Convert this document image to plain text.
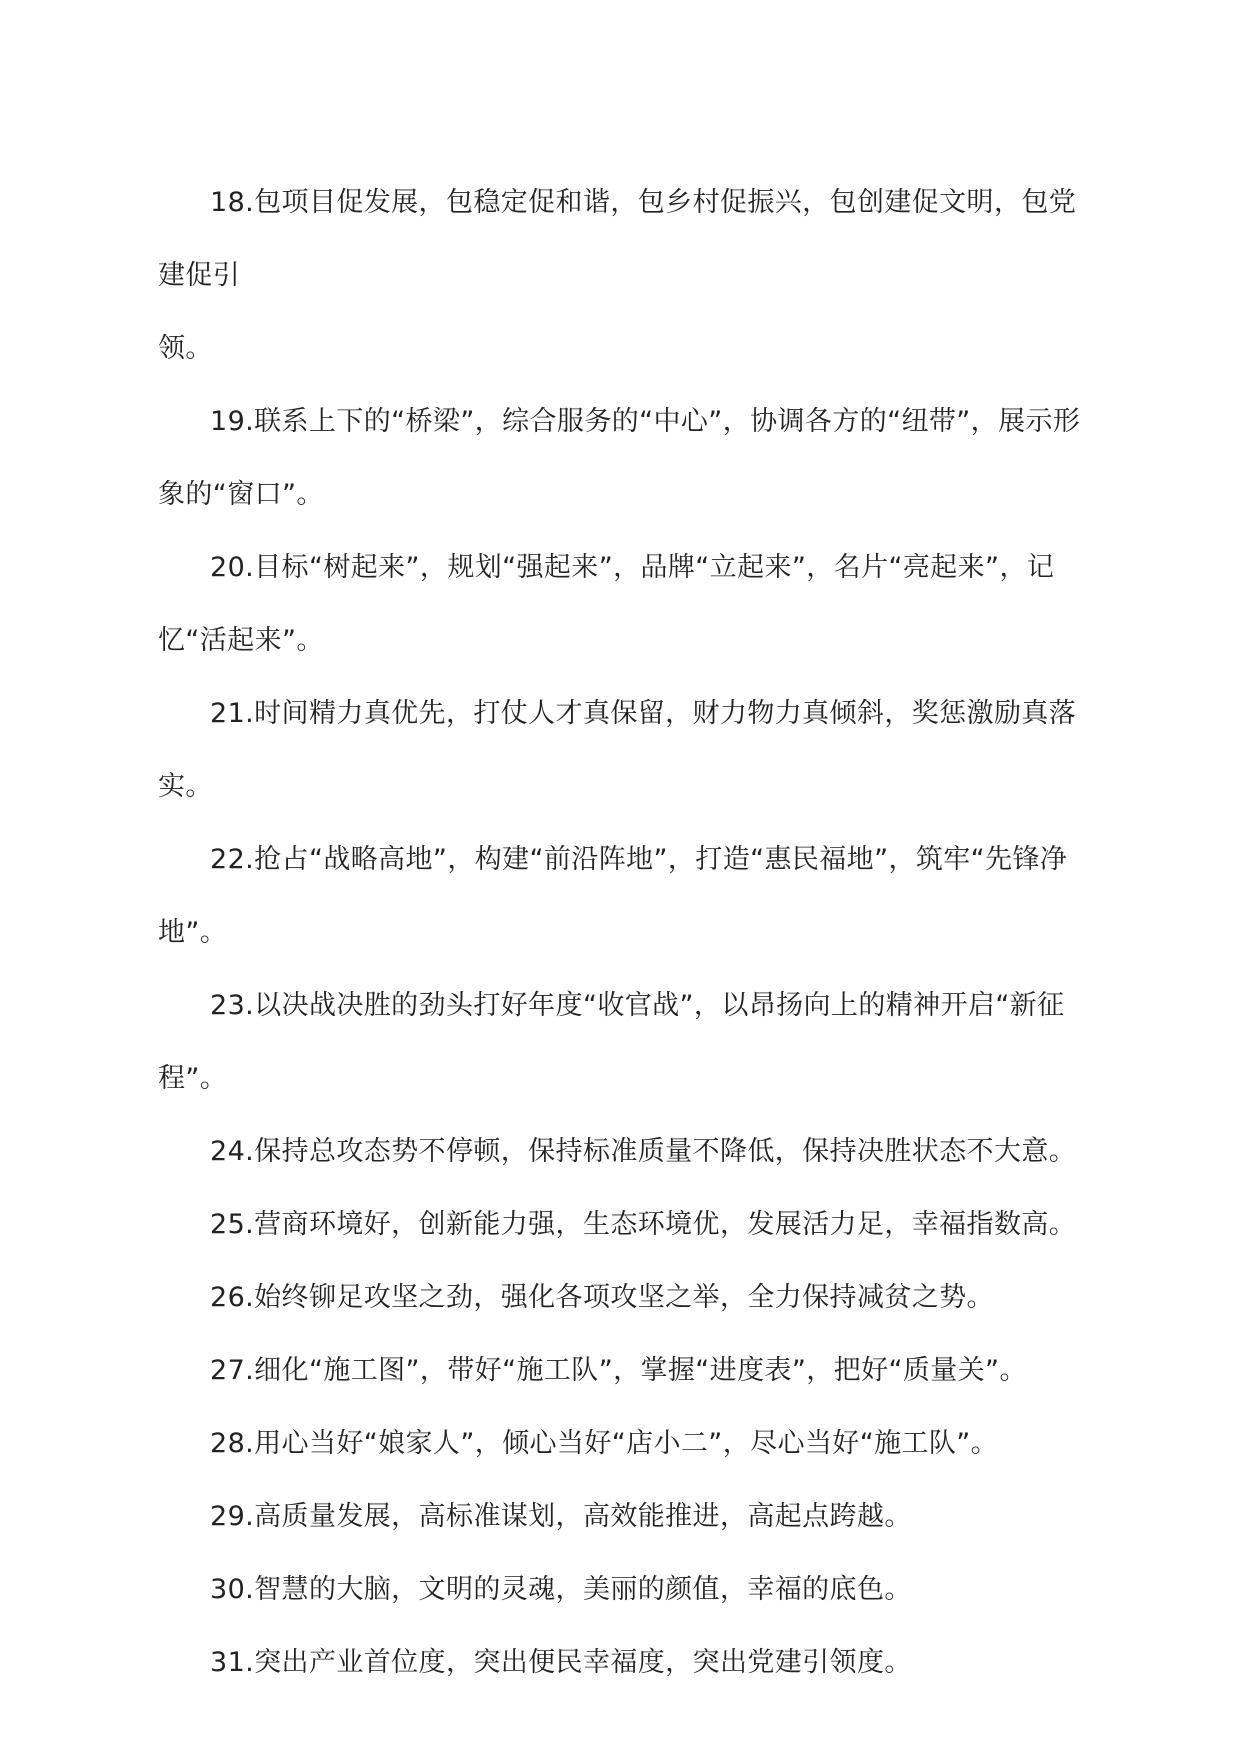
18.包项目促发展，包稳定促和谐，包乡村促振兴，包创建促文明，包党建促引
领。

19.联系上下的“桥梁”，综合服务的“中心”，协调各方的“纽带”，展示形
象的“窗口”。

20.目标“树起来”，规划“强起来”，品牌“立起来”，名片“亮起来”，记
忆“活起来”。

21.时间精力真优先，打仗人才真保留，财力物力真倾斜，奖惩激励真落实。

22.抢占“战略高地”，构建“前沿阵地”，打造“惠民福地”，筑牢“先锋净
地”。

23.以决战决胜的劲头打好年度“收官战”，以昂扬向上的精神开启“新征程”。

24.保持总攻态势不停顿，保持标准质量不降低，保持决胜状态不大意。

25.营商环境好，创新能力强，生态环境优，发展活力足，幸福指数高。

26.始终铆足攻坚之劲，强化各项攻坚之举，全力保持减贫之势。

27.细化“施工图”，带好“施工队”，掌握“进度表”，把好“质量关”。

28.用心当好“娘家人”，倾心当好“店小二”，尽心当好“施工队”。

29.高质量发展，高标准谋划，高效能推进，高起点跨越。

30.智慧的大脑，文明的灵魂，美丽的颜值，幸福的底色。

31.突出产业首位度，突出便民幸福度，突出党建引领度。
